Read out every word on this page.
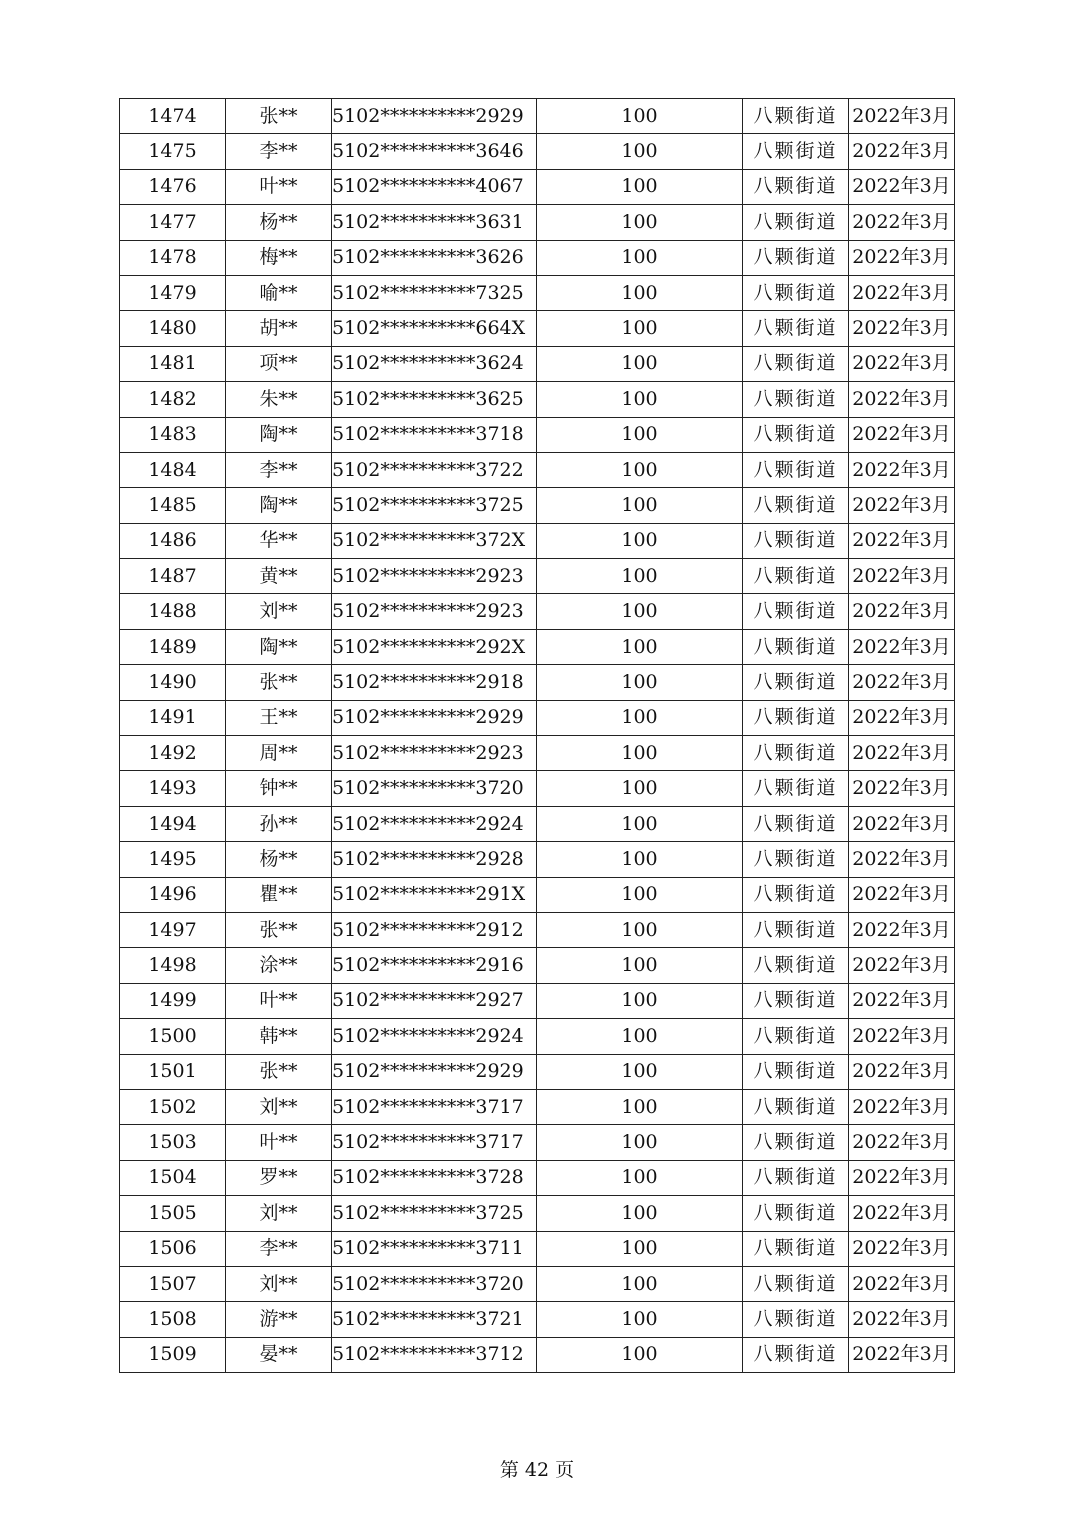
1474	张**	5102**********2929	100	八颗街道	2022年3月
1475	李**	5102**********3646	100	八颗街道	2022年3月
1476	叶**	5102**********4067	100	八颗街道	2022年3月
1477	杨**	5102**********3631	100	八颗街道	2022年3月
1478	梅**	5102**********3626	100	八颗街道	2022年3月
1479	喻**	5102**********7325	100	八颗街道	2022年3月
1480	胡**	5102**********664X	100	八颗街道	2022年3月
1481	项**	5102**********3624	100	八颗街道	2022年3月
1482	朱**	5102**********3625	100	八颗街道	2022年3月
1483	陶**	5102**********3718	100	八颗街道	2022年3月
1484	李**	5102**********3722	100	八颗街道	2022年3月
1485	陶**	5102**********3725	100	八颗街道	2022年3月
1486	华**	5102**********372X	100	八颗街道	2022年3月
1487	黄**	5102**********2923	100	八颗街道	2022年3月
1488	刘**	5102**********2923	100	八颗街道	2022年3月
1489	陶**	5102**********292X	100	八颗街道	2022年3月
1490	张**	5102**********2918	100	八颗街道	2022年3月
1491	王**	5102**********2929	100	八颗街道	2022年3月
1492	周**	5102**********2923	100	八颗街道	2022年3月
1493	钟**	5102**********3720	100	八颗街道	2022年3月
1494	孙**	5102**********2924	100	八颗街道	2022年3月
1495	杨**	5102**********2928	100	八颗街道	2022年3月
1496	瞿**	5102**********291X	100	八颗街道	2022年3月
1497	张**	5102**********2912	100	八颗街道	2022年3月
1498	涂**	5102**********2916	100	八颗街道	2022年3月
1499	叶**	5102**********2927	100	八颗街道	2022年3月
1500	韩**	5102**********2924	100	八颗街道	2022年3月
1501	张**	5102**********2929	100	八颗街道	2022年3月
1502	刘**	5102**********3717	100	八颗街道	2022年3月
1503	叶**	5102**********3717	100	八颗街道	2022年3月
1504	罗**	5102**********3728	100	八颗街道	2022年3月
1505	刘**	5102**********3725	100	八颗街道	2022年3月
1506	李**	5102**********3711	100	八颗街道	2022年3月
1507	刘**	5102**********3720	100	八颗街道	2022年3月
1508	游**	5102**********3721	100	八颗街道	2022年3月
1509	晏**	5102**********3712	100	八颗街道	2022年3月
第 42 页
